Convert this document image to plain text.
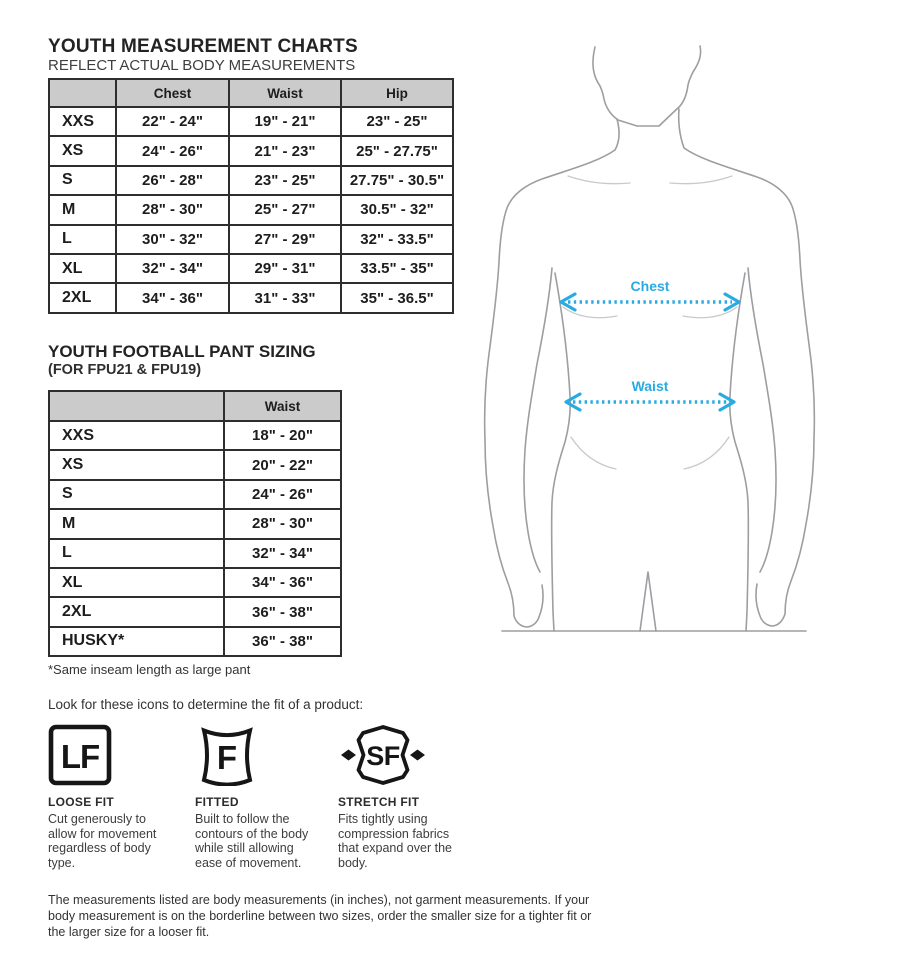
YOUTH MEASUREMENT CHARTS
REFLECT ACTUAL BODY MEASUREMENTS
	Chest	Waist	Hip
XXS	22" - 24"	19" - 21"	23" - 25"
XS	24" - 26"	21" - 23"	25" - 27.75"
S	26" - 28"	23" - 25"	27.75" - 30.5"
M	28" - 30"	25" - 27"	30.5" - 32"
L	30" - 32"	27" - 29"	32" - 33.5"
XL	32" - 34"	29" - 31"	33.5" - 35"
2XL	34" - 36"	31" - 33"	35" - 36.5"
YOUTH FOOTBALL PANT SIZING
(FOR FPU21 & FPU19)
	Waist
XXS	18" - 20"
XS	20" - 22"
S	24" - 26"
M	28" - 30"
L	32" - 34"
XL	34" - 36"
2XL	36" - 38"
HUSKY*	36" - 38"
*Same inseam length as large pant
Look for these icons to determine the fit of a product:
LF
LOOSE FIT
Cut generously to allow for movement regardless of body type.
F
FITTED
Built to follow the contours of the body while still allowing ease of movement.
SF
STRETCH FIT
Fits tightly using compression fabrics that expand over the body.
The measurements listed are body measurements (in inches), not garment measurements. If your body measurement is on the borderline between two sizes, order the smaller size for a tighter fit or the larger size for a looser fit.
Chest
Waist
